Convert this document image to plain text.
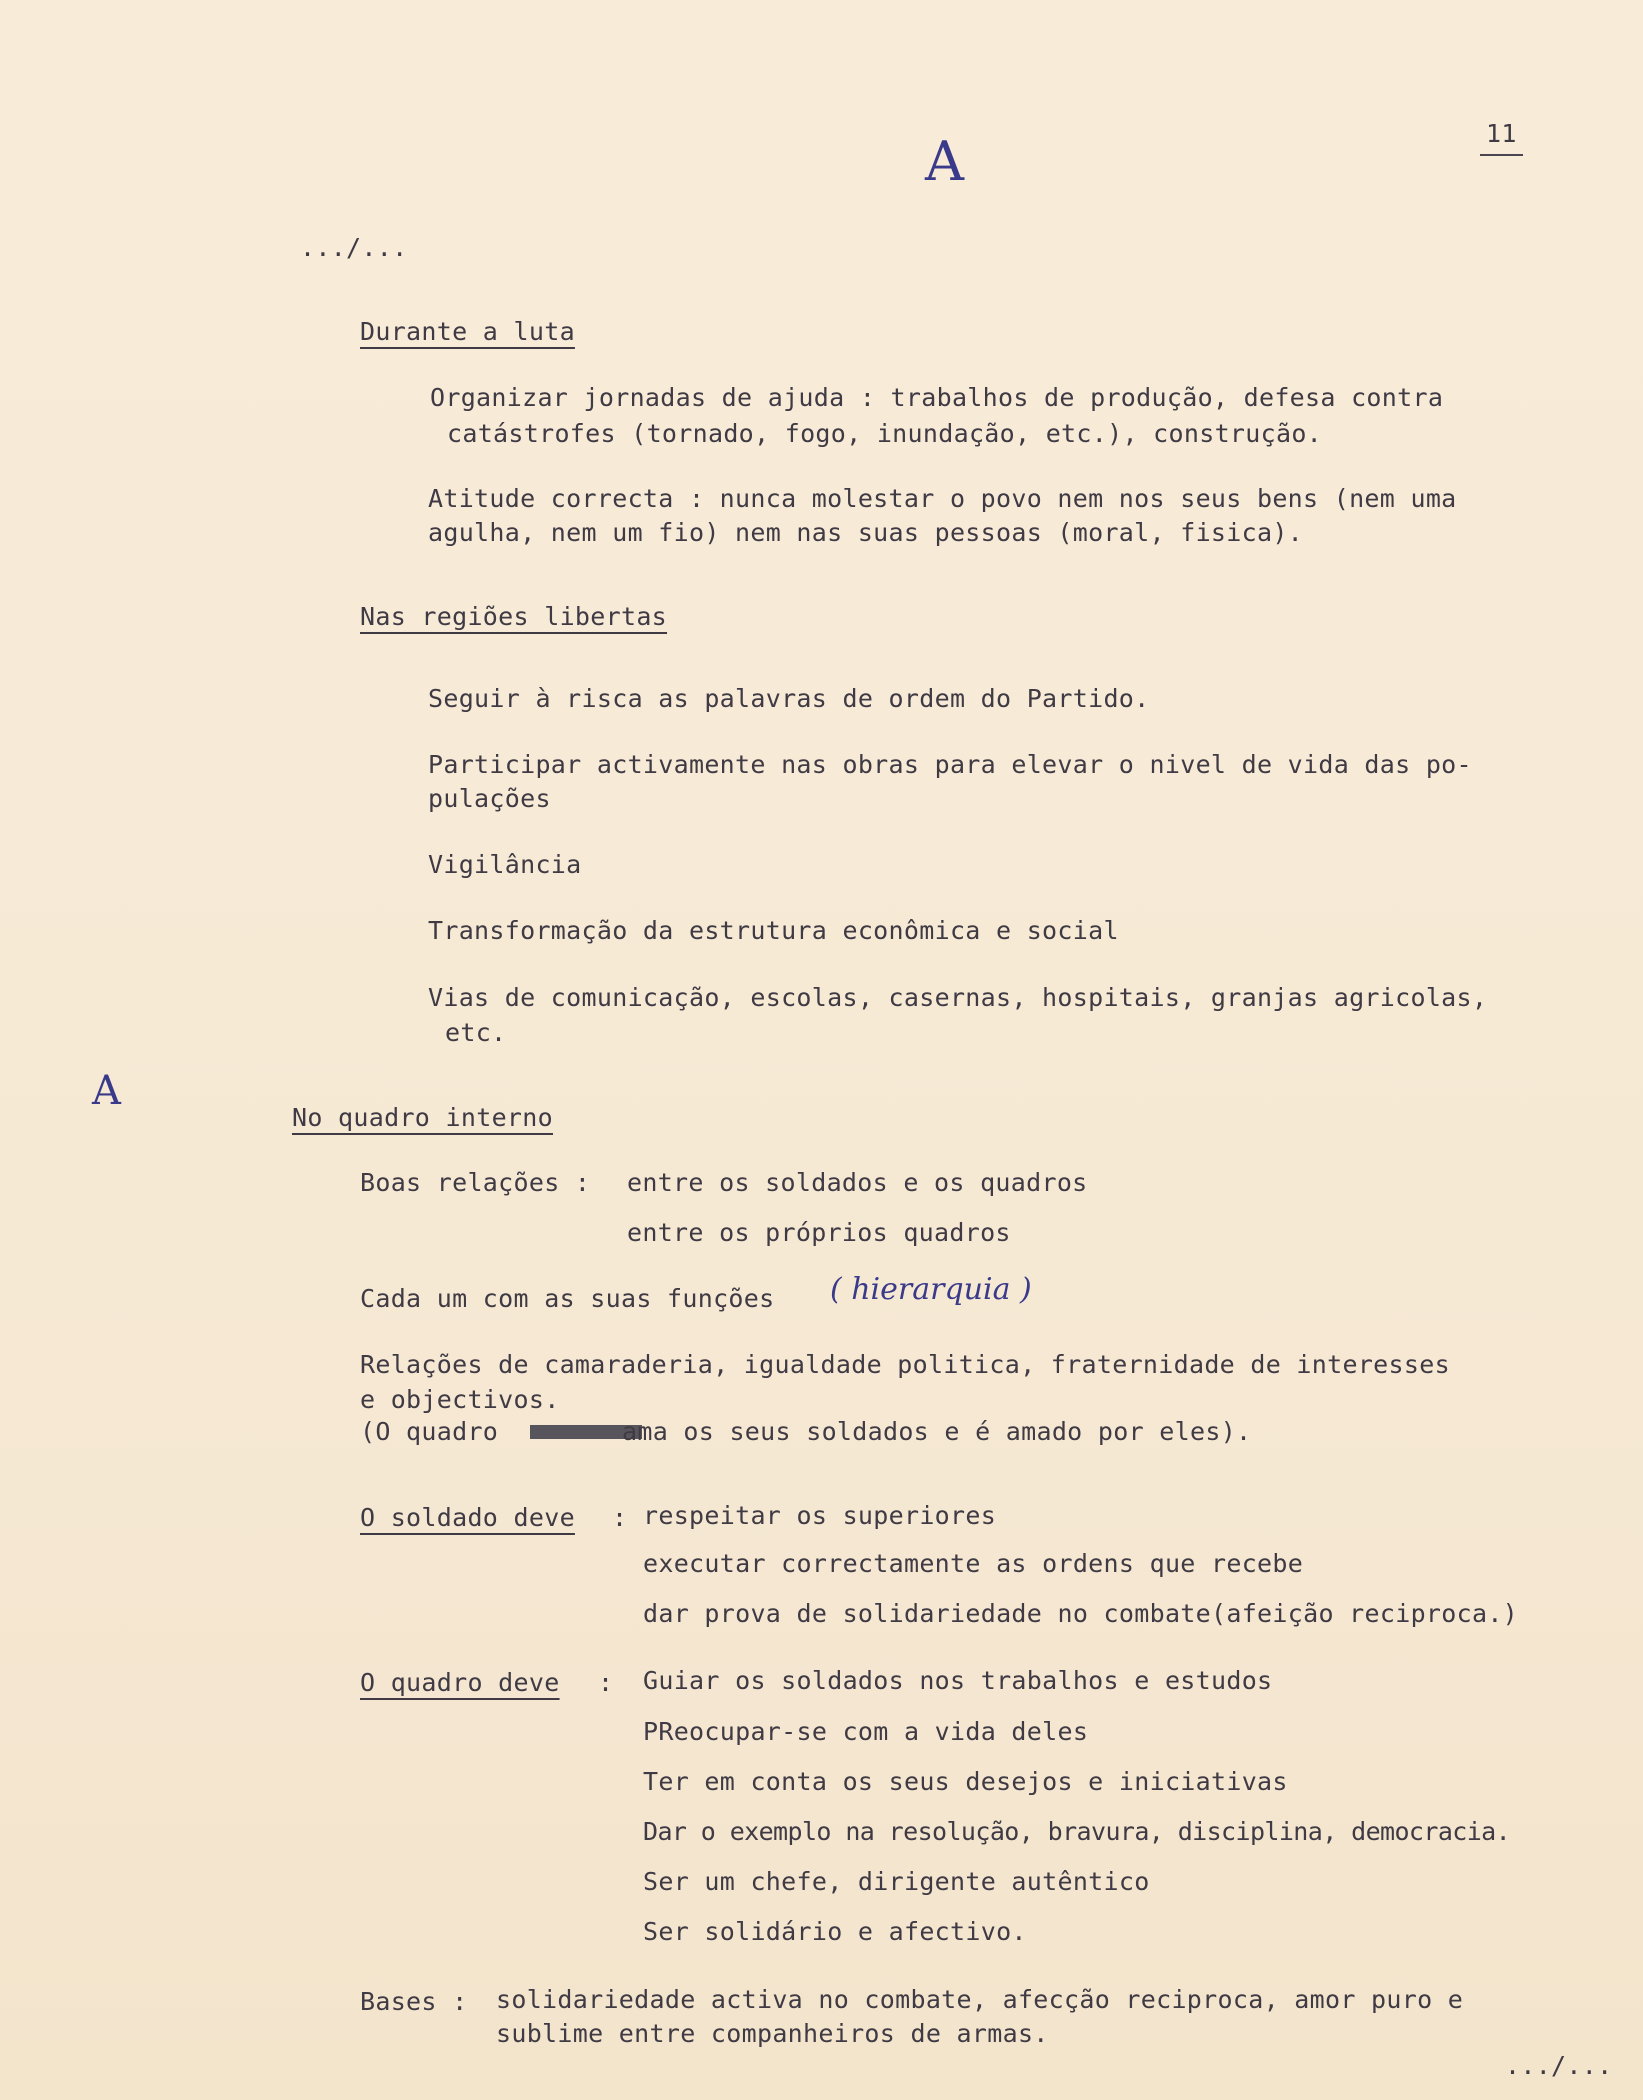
A	11
.../...
Durante a luta
Organizar jornadas de ajuda : trabalhos de produção, defesa contra
catástrofes (tornado, fogo, inundação, etc.), construção.
Atitude correcta : nunca molestar o povo nem nos seus bens (nem uma
agulha, nem um fio) nem nas suas pessoas (moral, fisica).
Nas regiões libertas
Seguir à risca as palavras de ordem do Partido.
Participar activamente nas obras para elevar o nivel de vida das po-
pulações
Vigilância
Transformação da estrutura econômica e social
Vias de comunicação, escolas, casernas, hospitais, granjas agricolas,
etc.
A
No quadro interno
Boas relações : entre os soldados e os quadros
entre os próprios quadros
Cada um com as suas funções ( hierarquia )
Relações de camaraderia, igualdade politica, fraternidade de interesses
e objectivos.
(O quadro	ama os seus soldados e é amado por eles).
O soldado deve : respeitar os superiores
executar correctamente as ordens que recebe
dar prova de solidariedade no combate(afeição reciproca.)
O quadro deve : Guiar os soldados nos trabalhos e estudos
PReocupar-se com a vida deles
Ter em conta os seus desejos e iniciativas
Dar o exemplo na resolução, bravura, disciplina, democracia.
Ser um chefe, dirigente autêntico
Ser solidário e afectivo.
Bases : solidariedade activa no combate, afecção reciproca, amor puro e
sublime entre companheiros de armas.
.../...
